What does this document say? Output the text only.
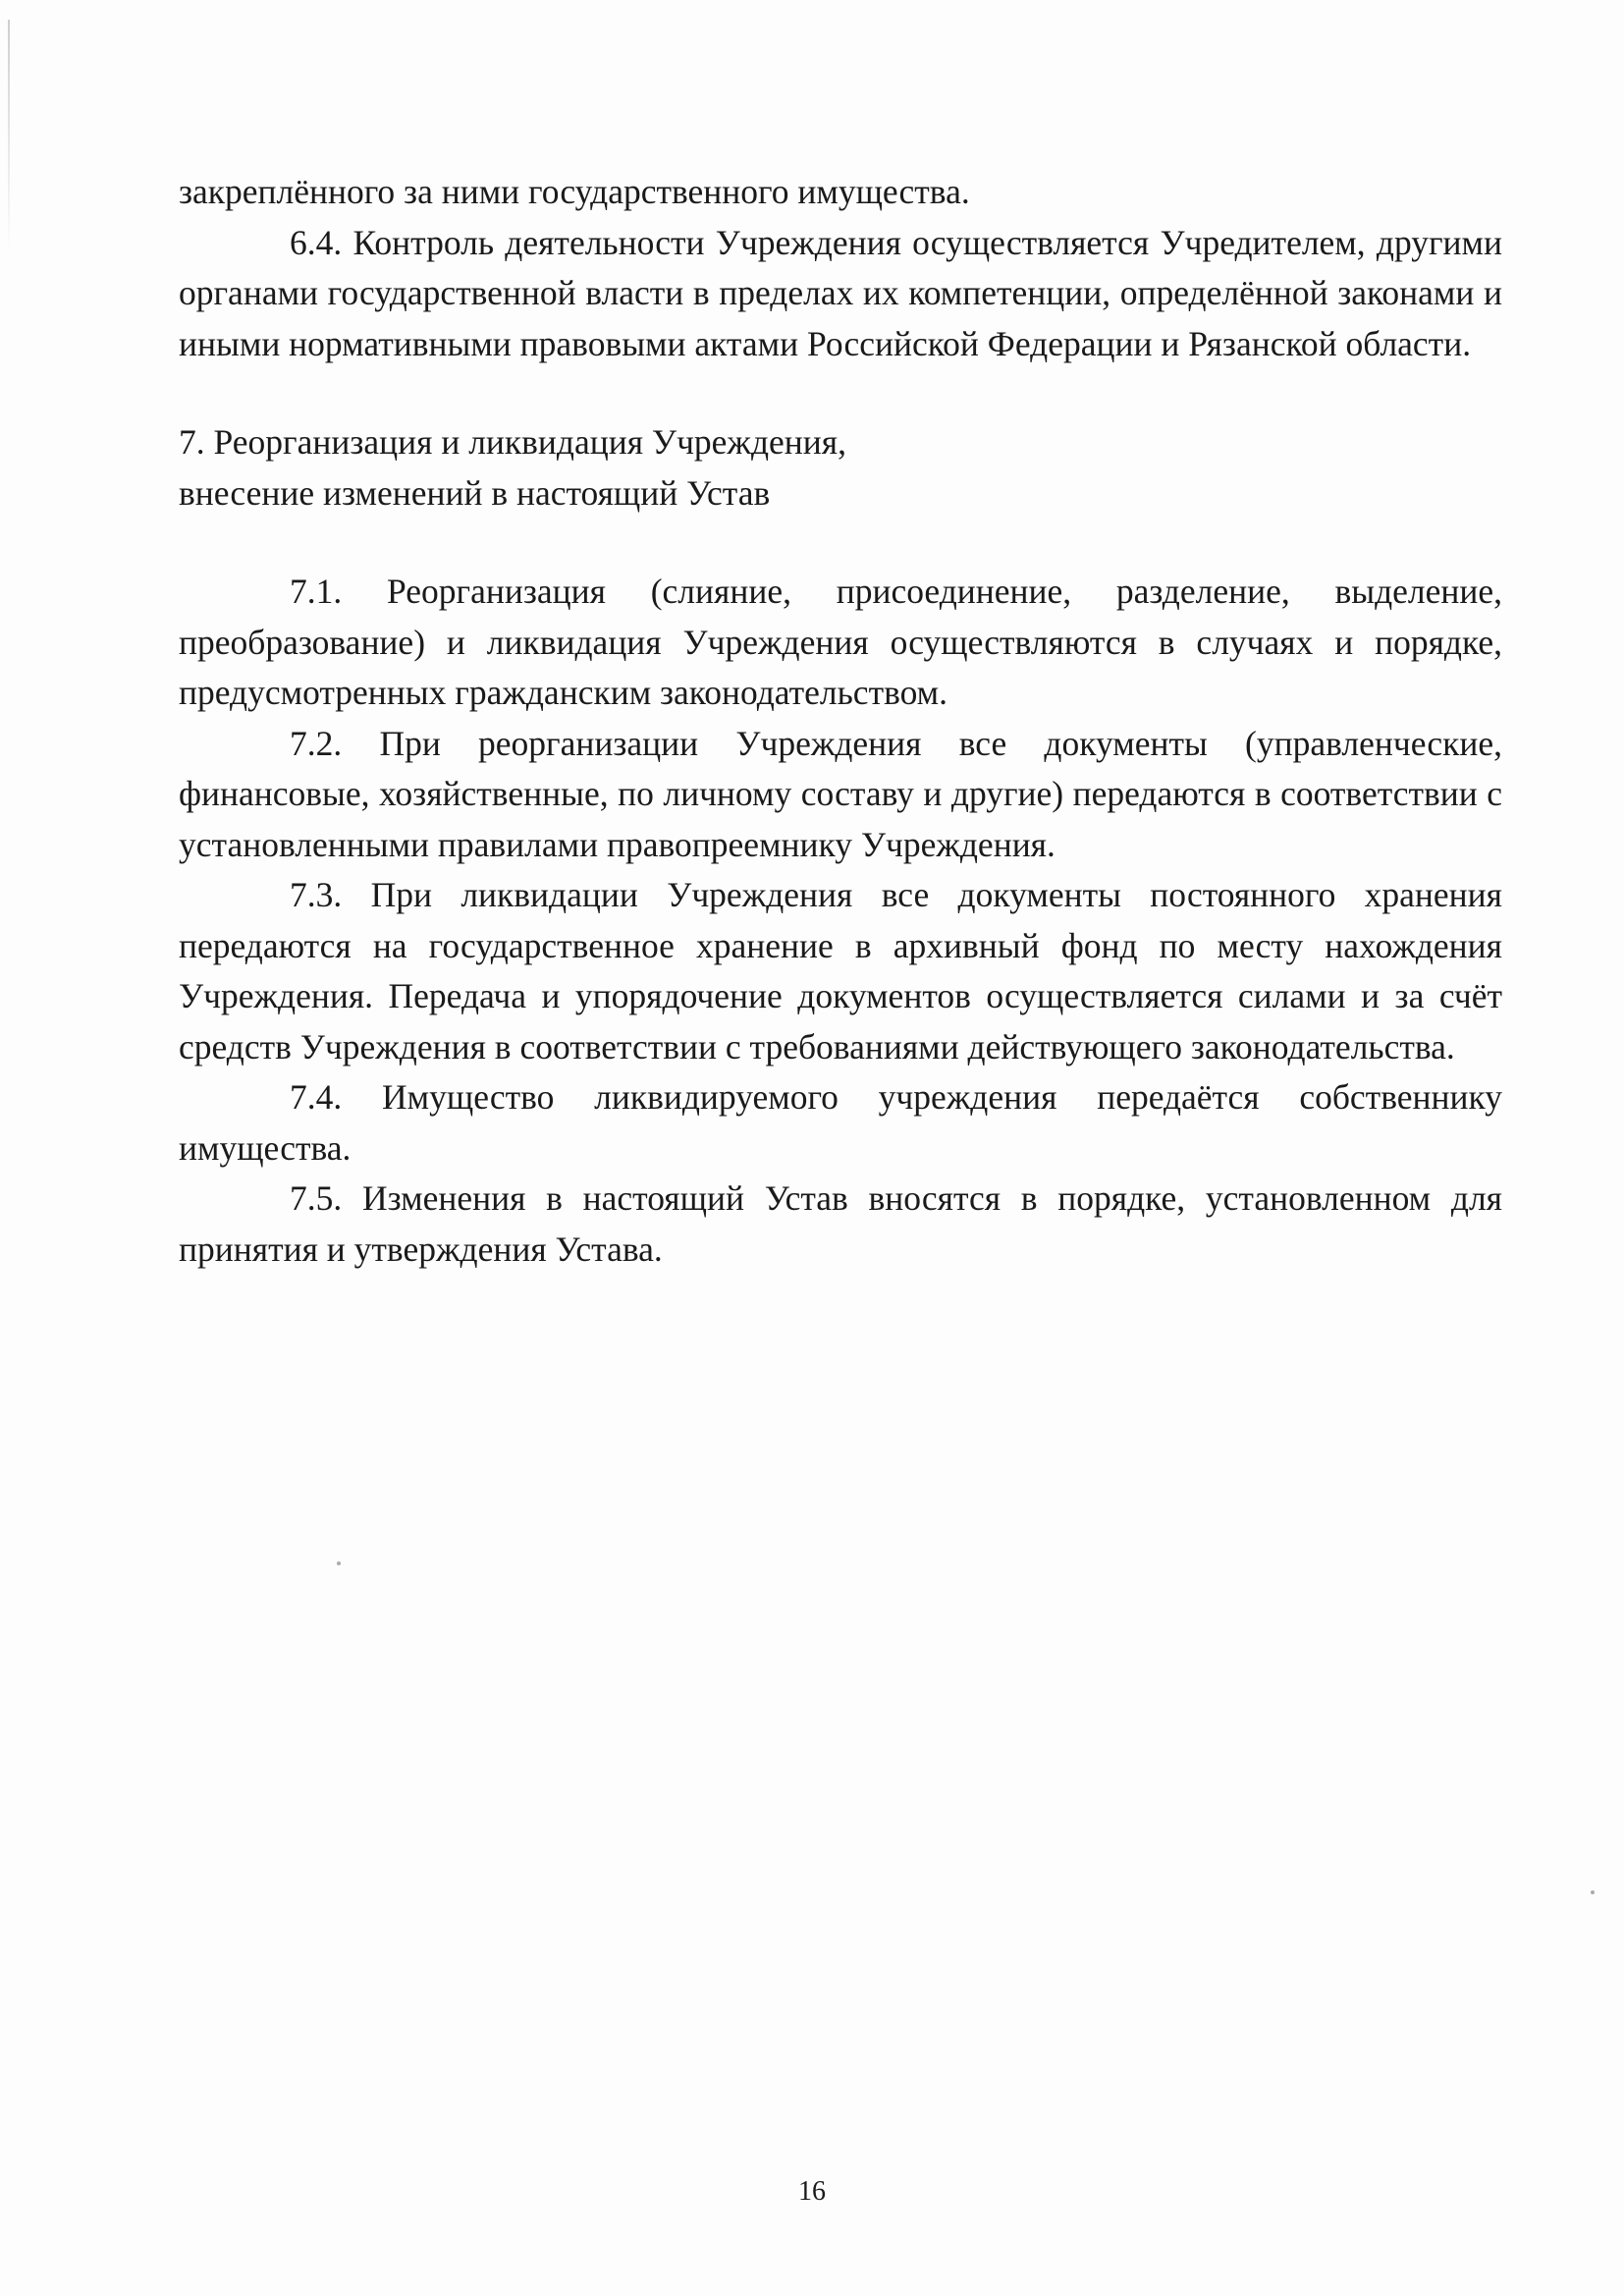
закреплённого за ними государственного имущества.

6.4. Контроль деятельности Учреждения осуществляется Учредителем, другими органами государственной власти в пределах их компетенции, определённой законами и иными нормативными правовыми актами Российской Федерации и Рязанской области.

7. Реорганизация и ликвидация Учреждения,

внесение изменений в настоящий Устав

7.1. Реорганизация (слияние, присоединение, разделение, выделение, преобразование) и ликвидация Учреждения осуществляются в случаях и порядке, предусмотренных гражданским законодательством.

7.2. При реорганизации Учреждения все документы (управленческие, финансовые, хозяйственные, по личному составу и другие) передаются в соответствии с установленными правилами правопреемнику Учреждения.

7.3. При ликвидации Учреждения все документы постоянного хранения передаются на государственное хранение в архивный фонд по месту нахождения Учреждения. Передача и упорядочение документов осуществляется силами и за счёт средств Учреждения в соответствии с требованиями действующего законодательства.

7.4. Имущество ликвидируемого учреждения передаётся собственнику имущества.

7.5. Изменения в настоящий Устав вносятся в порядке, установленном для принятия и утверждения Устава.

16
